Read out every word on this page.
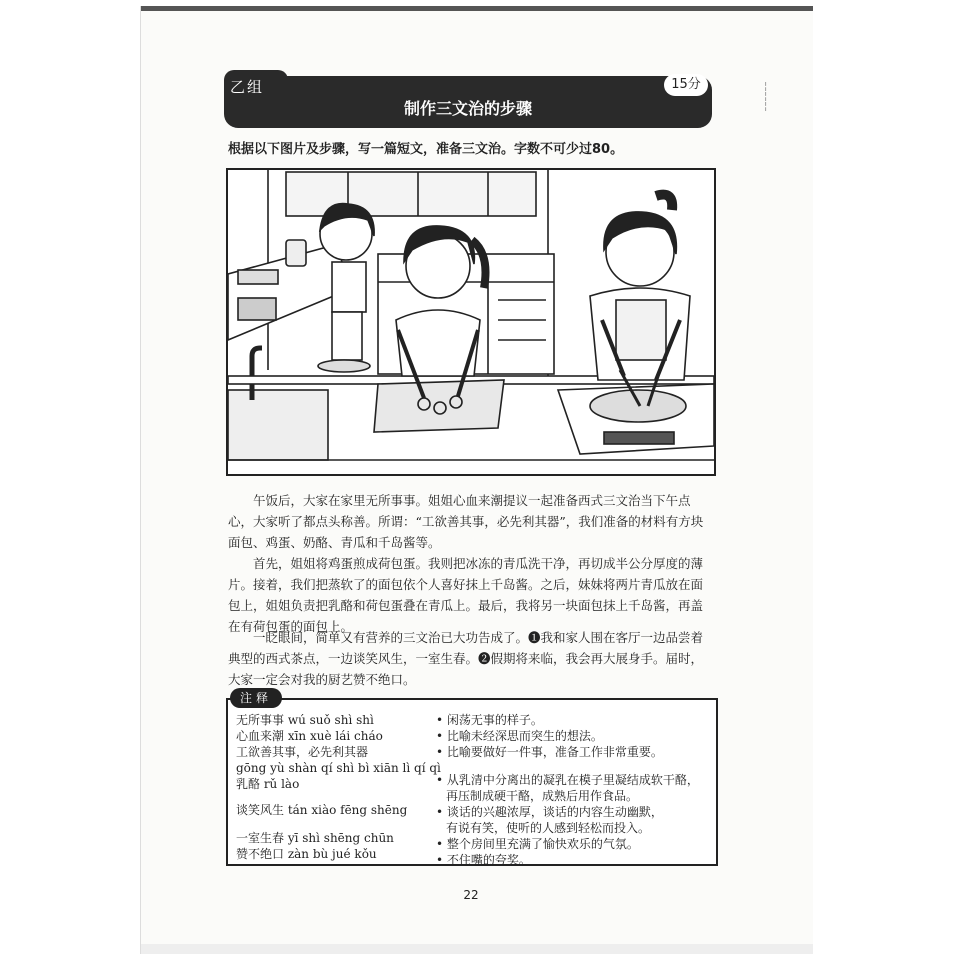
¦
¦
¦
乙组	15分
制作三文治的步骤
根据以下图片及步骤，写一篇短文，准备三文治。字数不可少过80。

午饭后，大家在家里无所事事。姐姐心血来潮提议一起准备西式三文治当下午点心，大家听了都点头称善。所谓：“工欲善其事，必先利其器”，我们准备的材料有方块面包、鸡蛋、奶酪、青瓜和千岛酱等。

首先，姐姐将鸡蛋煎成荷包蛋。我则把冰冻的青瓜洗干净，再切成半公分厚度的薄片。接着，我们把蒸软了的面包依个人喜好抹上千岛酱。之后，妹妹将两片青瓜放在面包上，姐姐负责把乳酪和荷包蛋叠在青瓜上。最后，我将另一块面包抹上千岛酱，再盖在有荷包蛋的面包上。

一眨眼间，简单又有营养的三文治已大功告成了。❶我和家人围在客厅一边品尝着典型的西式茶点，一边谈笑风生，一室生春。❷假期将来临，我会再大展身手。届时，大家一定会对我的厨艺赞不绝口。

注释
无所事事 wú suǒ shì shì
心血来潮 xīn xuè lái cháo
工欲善其事，必先利其器
gōng yù shàn qí shì bì xiān lì qí qì
乳酪 rǔ lào
谈笑风生 tán xiào fēng shēng
一室生春 yī shì shēng chūn
赞不绝口 zàn bù jué kǒu
• 闲荡无事的样子。
• 比喻未经深思而突生的想法。
• 比喻要做好一件事，准备工作非常重要。
• 从乳清中分离出的凝乳在模子里凝结成软干酪，
再压制成硬干酪，成熟后用作食品。
• 谈话的兴趣浓厚，谈话的内容生动幽默，
有说有笑，使听的人感到轻松而投入。
• 整个房间里充满了愉快欢乐的气氛。
• 不住嘴的夸奖。
22
